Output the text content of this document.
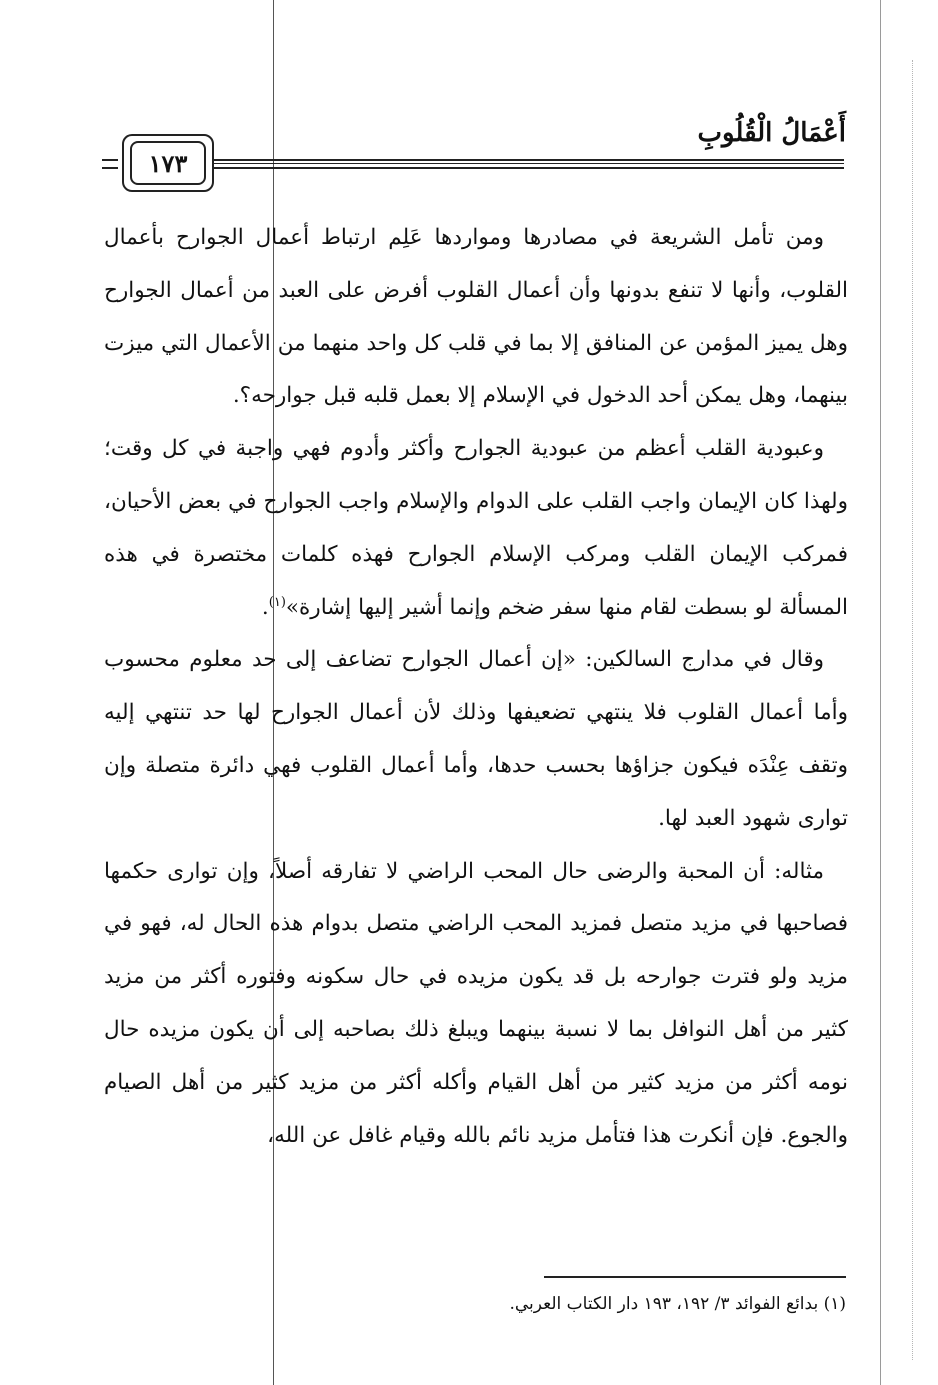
أَعْمَالُ الْقُلُوبِ
١٧٣

ومن تأمل الشريعة في مصادرها ومواردها عَلِم ارتباط أعمال الجوارح بأعمال القلوب، وأنها لا تنفع بدونها وأن أعمال القلوب أفرض على العبد من أعمال الجوارح وهل يميز المؤمن عن المنافق إلا بما في قلب كل واحد منهما من الأعمال التي ميزت بينهما، وهل يمكن أحد الدخول في الإسلام إلا بعمل قلبه قبل جوارحه؟.

وعبودية القلب أعظم من عبودية الجوارح وأكثر وأدوم فهي واجبة في كل وقت؛ ولهذا كان الإيمان واجب القلب على الدوام والإسلام واجب الجوارح في بعض الأحيان، فمركب الإيمان القلب ومركب الإسلام الجوارح فهذه كلمات مختصرة في هذه المسألة لو بسطت لقام منها سفر ضخم وإنما أشير إليها إشارة»$^{(١)}$.

وقال في مدارج السالكين: «إن أعمال الجوارح تضاعف إلى حد معلوم محسوب وأما أعمال القلوب فلا ينتهي تضعيفها وذلك لأن أعمال الجوارح لها حد تنتهي إليه وتقف عِنْدَه فيكون جزاؤها بحسب حدها، وأما أعمال القلوب فهي دائرة متصلة وإن توارى شهود العبد لها.

مثاله: أن المحبة والرضى حال المحب الراضي لا تفارقه أصلاً، وإن توارى حكمها فصاحبها في مزيد متصل فمزيد المحب الراضي متصل بدوام هذه الحال له، فهو في مزيد ولو فترت جوارحه بل قد يكون مزيده في حال سكونه وفتوره أكثر من مزيد كثير من أهل النوافل بما لا نسبة بينهما ويبلغ ذلك بصاحبه إلى أن يكون مزيده حال نومه أكثر من مزيد كثير من أهل القيام وأكله أكثر من مزيد كثير من أهل الصيام والجوع. فإن أنكرت هذا فتأمل مزيد نائم بالله وقيام غافل عن الله،

(١) بدائع الفوائد ٣/ ١٩٢، ١٩٣ دار الكتاب العربي.
